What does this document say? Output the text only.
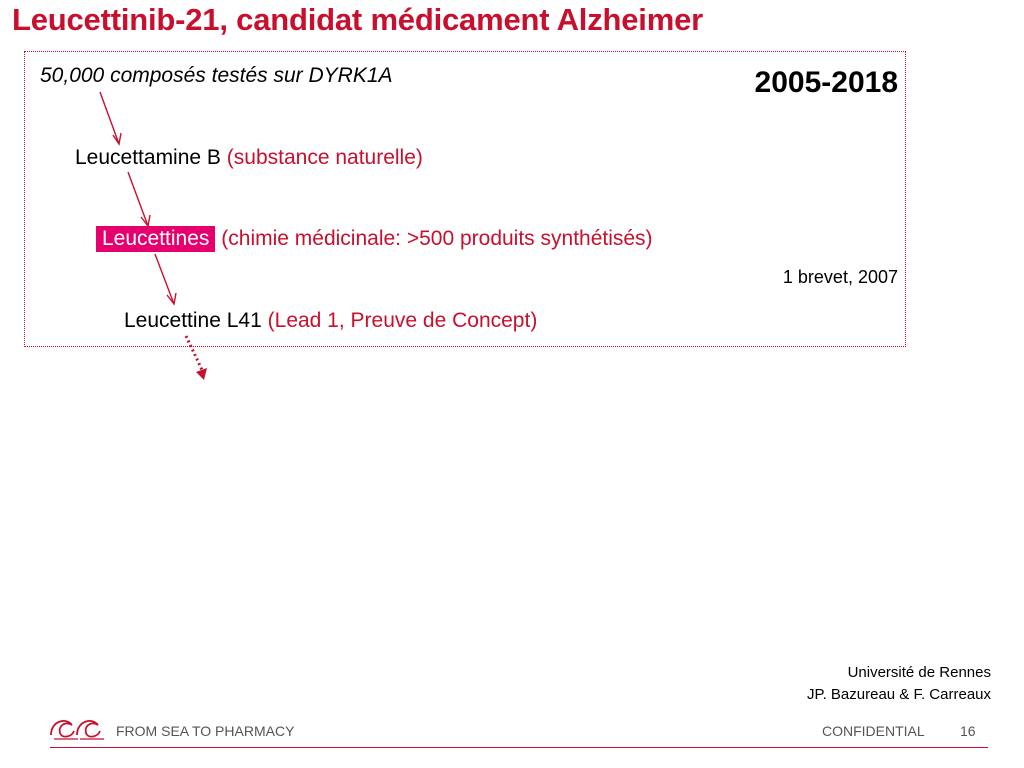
Leucettinib-21, candidat médicament Alzheimer
50,000 composés testés sur DYRK1A	2005-2018
Leucettamine B (substance naturelle)
Leucettines (chimie médicinale: >500 produits synthétisés)
1 brevet, 2007
Leucettine L41 (Lead 1, Preuve de Concept)
Université de Rennes
JP. Bazureau & F. Carreaux
FROM SEA TO PHARMACY	CONFIDENTIAL	16
